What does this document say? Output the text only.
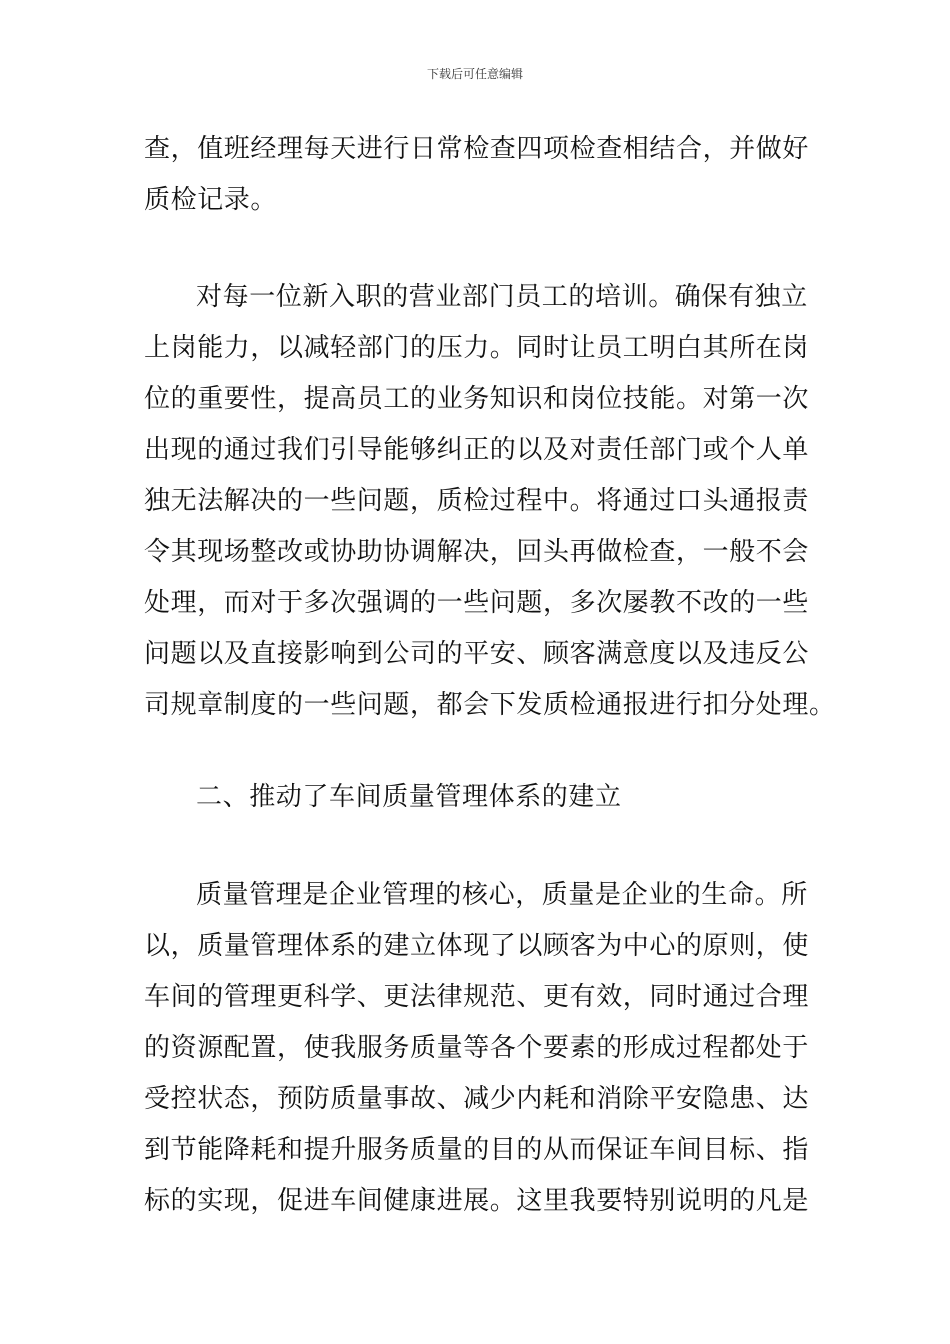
下载后可任意编辑
查，值班经理每天进行日常检查四项检查相结合，并做好
质检记录。
对每一位新入职的营业部门员工的培训。确保有独立
上岗能力，以减轻部门的压力。同时让员工明白其所在岗
位的重要性，提高员工的业务知识和岗位技能。对第一次
出现的通过我们引导能够纠正的以及对责任部门或个人单
独无法解决的一些问题，质检过程中。将通过口头通报责
令其现场整改或协助协调解决，回头再做检查，一般不会
处理，而对于多次强调的一些问题，多次屡教不改的一些
问题以及直接影响到公司的平安、顾客满意度以及违反公
司规章制度的一些问题，都会下发质检通报进行扣分处理。
二、推动了车间质量管理体系的建立
质量管理是企业管理的核心，质量是企业的生命。所
以，质量管理体系的建立体现了以顾客为中心的原则，使
车间的管理更科学、更法律规范、更有效，同时通过合理
的资源配置，使我服务质量等各个要素的形成过程都处于
受控状态，预防质量事故、减少内耗和消除平安隐患、达
到节能降耗和提升服务质量的目的从而保证车间目标、指
标的实现，促进车间健康进展。这里我要特别说明的凡是
